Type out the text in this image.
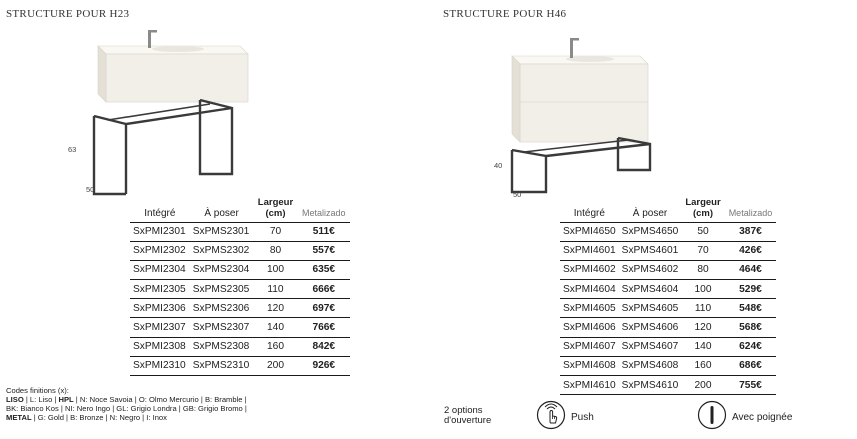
STRUCTURE POUR H23	STRUCTURE POUR H46
63
50
40
50
Intégré	À poser	Largeur
(cm)	Metalizado
SxPMI2301	SxPMS2301	70	511€
SxPMI2302	SxPMS2302	80	557€
SxPMI2304	SxPMS2304	100	635€
SxPMI2305	SxPMS2305	110	666€
SxPMI2306	SxPMS2306	120	697€
SxPMI2307	SxPMS2307	140	766€
SxPMI2308	SxPMS2308	160	842€
SxPMI2310	SxPMS2310	200	926€
Intégré	À poser	Largeur
(cm)	Metalizado
SxPMI4650	SxPMS4650	50	387€
SxPMI4601	SxPMS4601	70	426€
SxPMI4602	SxPMS4602	80	464€
SxPMI4604	SxPMS4604	100	529€
SxPMI4605	SxPMS4605	110	548€
SxPMI4606	SxPMS4606	120	568€
SxPMI4607	SxPMS4607	140	624€
SxPMI4608	SxPMS4608	160	686€
SxPMI4610	SxPMS4610	200	755€
Codes finitions (x):
LISO | L: Liso | HPL | N: Noce Savoia | O: Olmo Mercurio | B: Bramble |
BK: Bianco Kos | NI: Nero Ingo | GL: Grigio Londra | GB: Grigio Bromo |
METAL | G: Gold | B: Bronze | N: Negro | I: Inox
2 options
d'ouverture	Push	Avec poignée
